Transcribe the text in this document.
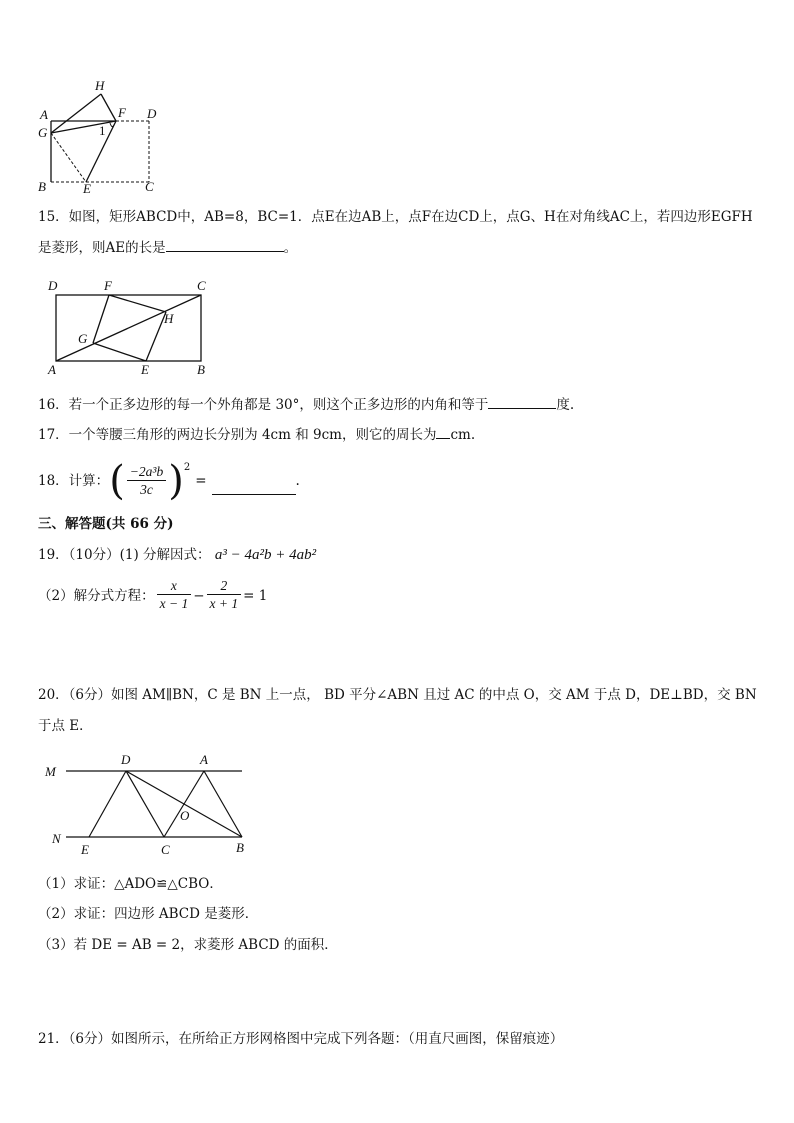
H
A	F D
G	1
B	E	C
15．如图，矩形ABCD中，AB=8，BC=1．点E在边AB上，点F在边CD上，点G、H在对角线AC上，若四边形EGFH
是菱形，则AE的长是	。
D	F	C
G
H
A	E	B
16．若一个正多边形的每一个外角都是 30°，则这个正多边形的内角和等于	度.
17．一个等腰三角形的两边长分别为 4cm 和 9cm，则它的周长为 cm.
18．计算： ( $\frac{\text{−2a³b}}{3c}$ ) 2
=	.
三、解答题(共 66 分)
19．（10分）(1) 分解因式： a³ − 4a²b + 4ab²
（2）解分式方程： $\frac{x}{x - 1} - \frac{2}{x + 1} = 1$
20．（6分）如图 AM∥BN，C 是 BN 上一点， BD 平分∠ABN 且过 AC 的中点 O，交 AM 于点 D，DE⊥BD，交 BN
于点 E．
M
D	A
O
N
E	C	B
（1）求证：△ADO≌△CBO．
（2）求证：四边形 ABCD 是菱形．
（3）若 DE = AB = 2，求菱形 ABCD 的面积．
21．（6分）如图所示，在所给正方形网格图中完成下列各题：（用直尺画图，保留痕迹）
